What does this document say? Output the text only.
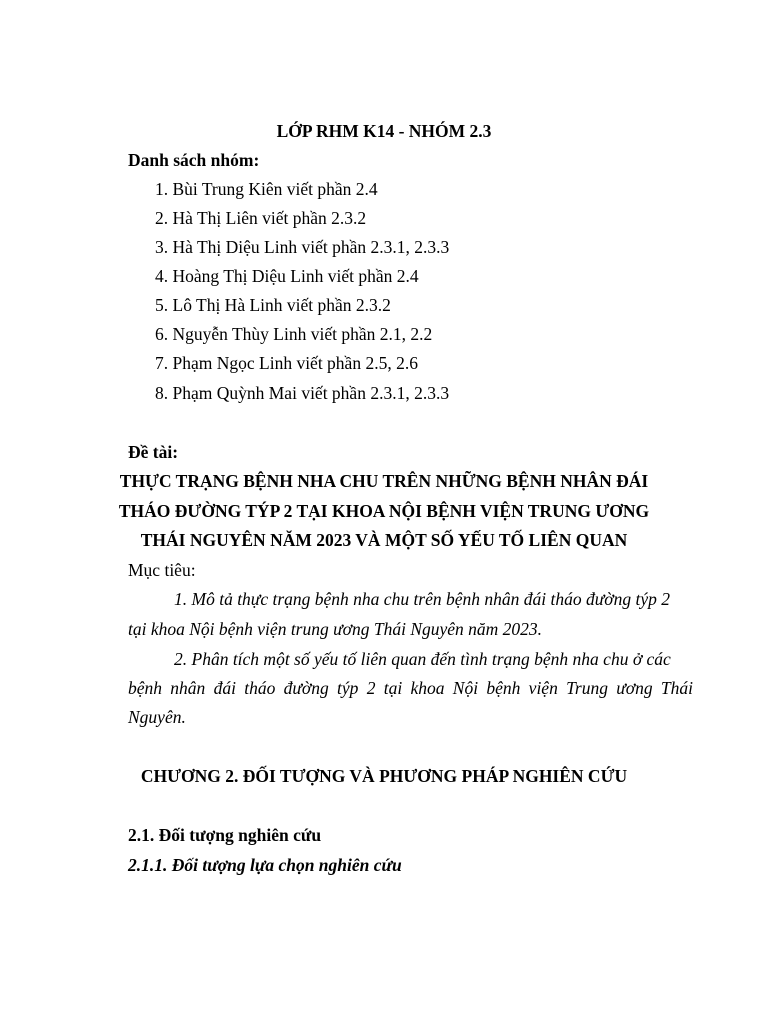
LỚP RHM K14 - NHÓM 2.3
Danh sách nhóm:
1. Bùi Trung Kiên viết phần 2.4
2. Hà Thị Liên viết phần 2.3.2
3. Hà Thị Diệu Linh viết phần 2.3.1, 2.3.3
4. Hoàng Thị Diệu Linh viết phần 2.4
5. Lô Thị Hà Linh viết phần 2.3.2
6. Nguyễn Thùy Linh viết phần 2.1, 2.2
7. Phạm Ngọc Linh viết phần 2.5, 2.6
8. Phạm Quỳnh Mai viết phần 2.3.1, 2.3.3
Đề tài:
THỰC TRẠNG BỆNH NHA CHU TRÊN NHỮNG BỆNH NHÂN ĐÁI
THÁO ĐƯỜNG TÝP 2 TẠI KHOA NỘI BỆNH VIỆN TRUNG ƯƠNG
THÁI NGUYÊN NĂM 2023 VÀ MỘT SỐ YẾU TỐ LIÊN QUAN
Mục tiêu:
1. Mô tả thực trạng bệnh nha chu trên bệnh nhân đái tháo đường týp 2
tại khoa Nội bệnh viện trung ương Thái Nguyên năm 2023.
2. Phân tích một số yếu tố liên quan đến tình trạng bệnh nha chu ở các
bệnh nhân đái tháo đường týp 2 tại khoa Nội bệnh viện Trung ương Thái
Nguyên.
CHƯƠNG 2. ĐỐI TƯỢNG VÀ PHƯƠNG PHÁP NGHIÊN CỨU
2.1. Đối tượng nghiên cứu
2.1.1. Đối tượng lựa chọn nghiên cứu
